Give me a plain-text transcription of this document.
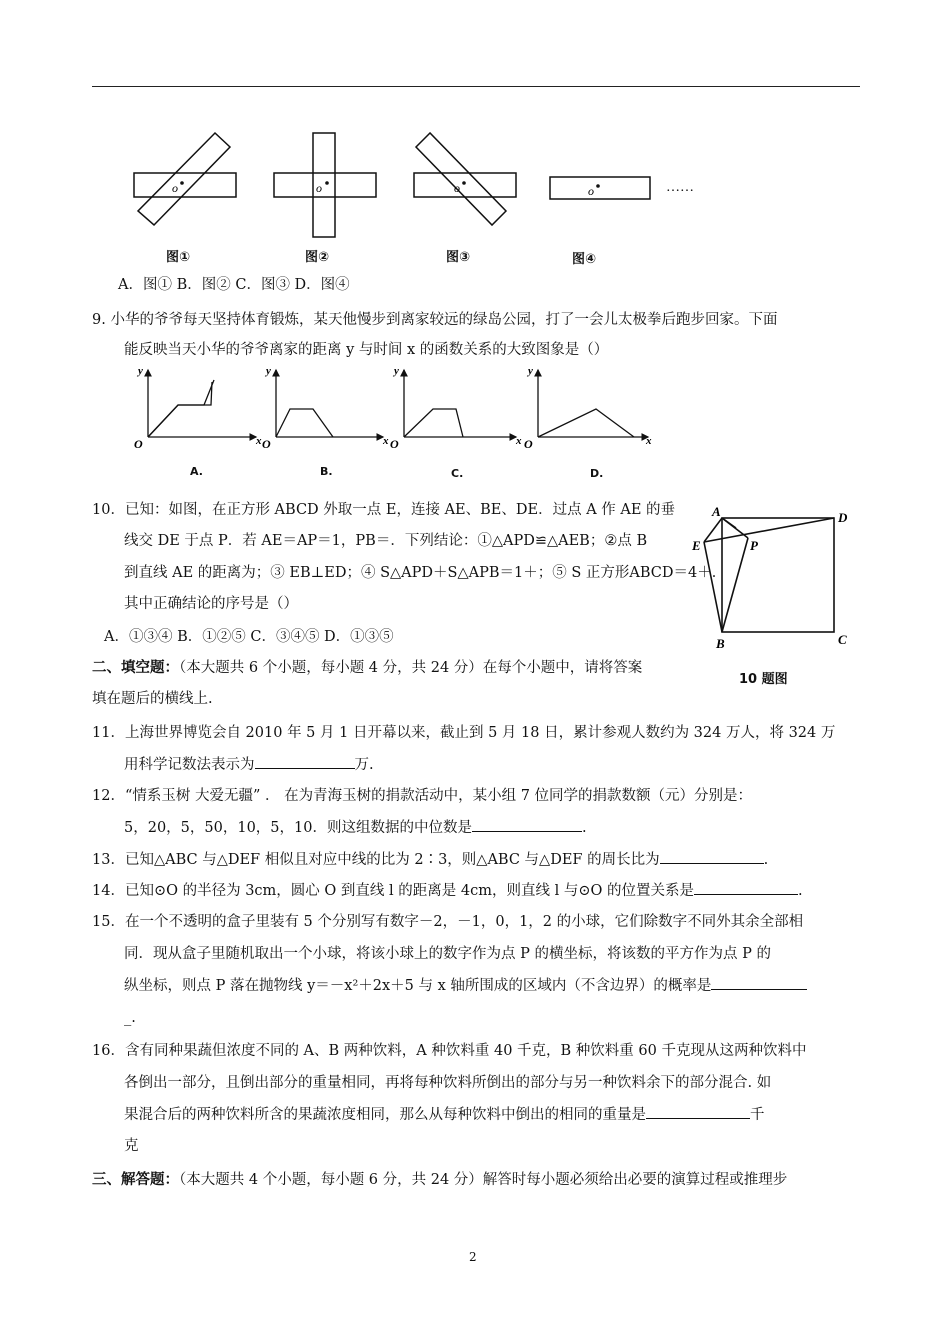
o	o	o	o	……
图①	图②	图③	图④
A．图① B．图② C．图③ D．图④
9. 小华的爷爷每天坚持体育锻炼，某天他慢步到离家较远的绿岛公园，打了一会儿太极拳后跑步回家。下面
能反映当天小华的爷爷离家的距离 y 与时间 x 的函数关系的大致图象是（）
O
y
x O
y
x O
y
x O
y
x
A.	B.	C.	D.
10．已知：如图，在正方形 ABCD 外取一点 E，连接 AE、BE、DE．过点 A 作 AE 的垂
线交 DE 于点 P．若 AE＝AP＝1，PB＝．下列结论：①△APD≌△AEB；②点 B
到直线 AE 的距离为；③ EB⊥ED；④ S△APD＋S△APB＝1＋；⑤ S 正方形ABCD＝4＋．
其中正确结论的序号是（）
A．①③④ B．①②⑤ C．③④⑤ D．①③⑤
A	D
E	P
B	C
10 题图
二、填空题：（本大题共 6 个小题，每小题 4 分，共 24 分）在每个小题中，请将答案
填在题后的横线上.
11．上海世界博览会自 2010 年 5 月 1 日开幕以来，截止到 5 月 18 日，累计参观人数约为 324 万人，将 324 万
用科学记数法表示为	万.
12．“情系玉树 大爱无疆” ． 在为青海玉树的捐款活动中，某小组 7 位同学的捐款数额（元）分别是：
5，20，5，50，10，5，10．则这组数据的中位数是	.
13．已知△ABC 与△DEF 相似且对应中线的比为 2∶3，则△ABC 与△DEF 的周长比为	.
14．已知⊙O 的半径为 3cm，圆心 O 到直线 l 的距离是 4cm，则直线 l 与⊙O 的位置关系是	.
15．在一个不透明的盒子里装有 5 个分别写有数字－2，－1，0，1，2 的小球，它们除数字不同外其余全部相
同．现从盒子里随机取出一个小球，将该小球上的数字作为点 P 的横坐标，将该数的平方作为点 P 的
纵坐标，则点 P 落在抛物线 y＝－x²＋2x＋5 与 x 轴所围成的区域内（不含边界）的概率是
_.
16．含有同种果蔬但浓度不同的 A、B 两种饮料，A 种饮料重 40 千克，B 种饮料重 60 千克现从这两种饮料中
各倒出一部分，且倒出部分的重量相同，再将每种饮料所倒出的部分与另一种饮料余下的部分混合. 如
果混合后的两种饮料所含的果蔬浓度相同，那么从每种饮料中倒出的相同的重量是	千
克
三、解答题：（本大题共 4 个小题，每小题 6 分，共 24 分）解答时每小题必须给出必要的演算过程或推理步
2
